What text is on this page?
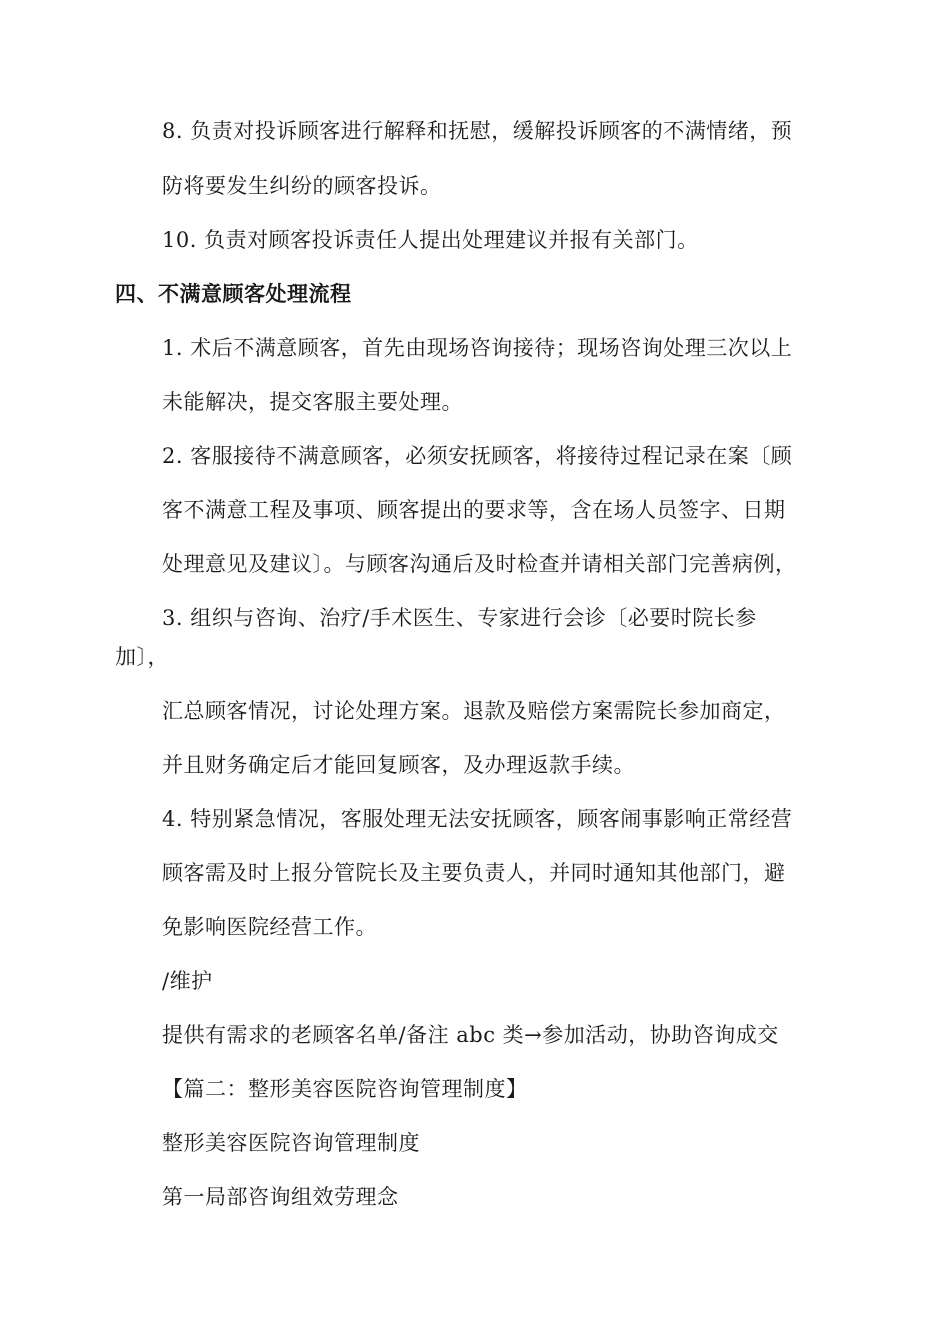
8. 负责对投诉顾客进行解释和抚慰，缓解投诉顾客的不满情绪，预
防将要发生纠纷的顾客投诉。
10. 负责对顾客投诉责任人提出处理建议并报有关部门。
四、不满意顾客处理流程
1. 术后不满意顾客，首先由现场咨询接待；现场咨询处理三次以上
未能解决，提交客服主要处理。
2. 客服接待不满意顾客，必须安抚顾客，将接待过程记录在案〔顾
客不满意工程及事项、顾客提出的要求等，含在场人员签字、日期
处理意见及建议〕。与顾客沟通后及时检查并请相关部门完善病例，
3. 组织与咨询、治疗/手术医生、专家进行会诊〔必要时院长参
加〕，
汇总顾客情况，讨论处理方案。退款及赔偿方案需院长参加商定，
并且财务确定后才能回复顾客，及办理返款手续。
4. 特别紧急情况，客服处理无法安抚顾客，顾客闹事影响正常经营
顾客需及时上报分管院长及主要负责人，并同时通知其他部门，避
免影响医院经营工作。
/维护
提供有需求的老顾客名单/备注 abc 类→参加活动，协助咨询成交
【篇二：整形美容医院咨询管理制度】
整形美容医院咨询管理制度
第一局部咨询组效劳理念
